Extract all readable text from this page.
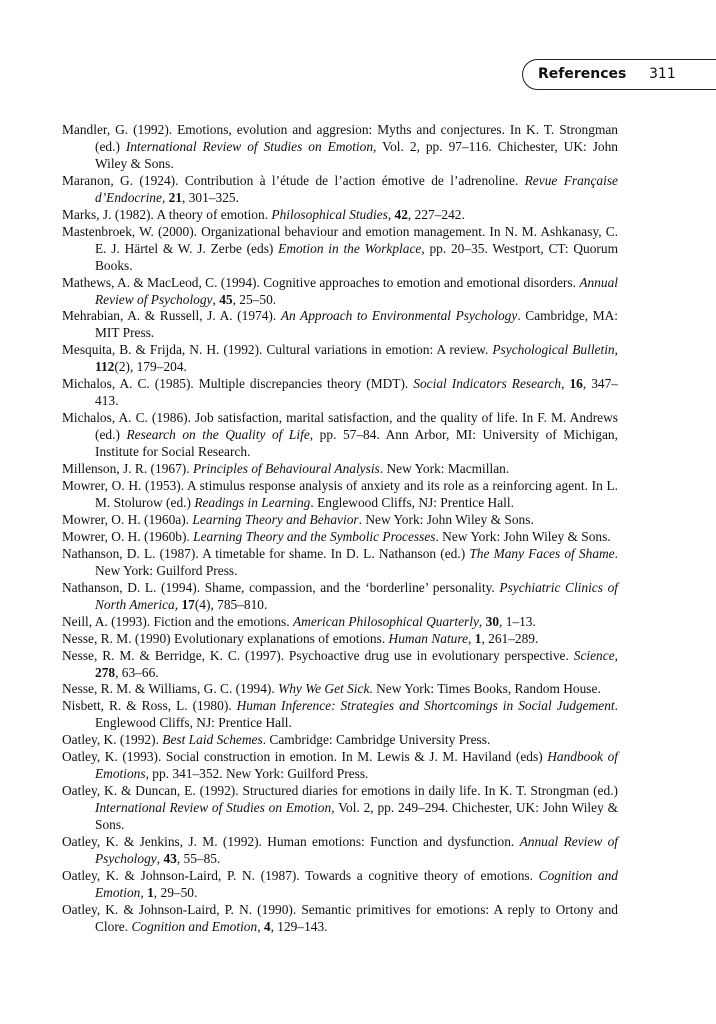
References 311

Mandler, G. (1992). Emotions, evolution and aggresion: Myths and conjectures. In K. T. Strongman (ed.) International Review of Studies on Emotion, Vol. 2, pp. 97–116. Chichester, UK: John Wiley & Sons.

Maranon, G. (1924). Contribution à l’étude de l’action émotive de l’adrenoline. Revue Française d’Endocrine, 21, 301–325.

Marks, J. (1982). A theory of emotion. Philosophical Studies, 42, 227–242.

Mastenbroek, W. (2000). Organizational behaviour and emotion management. In N. M. Ashkanasy, C. E. J. Härtel & W. J. Zerbe (eds) Emotion in the Workplace, pp. 20–35. Westport, CT: Quorum Books.

Mathews, A. & MacLeod, C. (1994). Cognitive approaches to emotion and emotional disorders. Annual Review of Psychology, 45, 25–50.

Mehrabian, A. & Russell, J. A. (1974). An Approach to Environmental Psychology. Cambridge, MA: MIT Press.

Mesquita, B. & Frijda, N. H. (1992). Cultural variations in emotion: A review. Psychological Bulletin, 112(2), 179–204.

Michalos, A. C. (1985). Multiple discrepancies theory (MDT). Social Indicators Research, 16, 347–413.

Michalos, A. C. (1986). Job satisfaction, marital satisfaction, and the quality of life. In F. M. Andrews (ed.) Research on the Quality of Life, pp. 57–84. Ann Arbor, MI: University of Michigan, Institute for Social Research.

Millenson, J. R. (1967). Principles of Behavioural Analysis. New York: Macmillan.

Mowrer, O. H. (1953). A stimulus response analysis of anxiety and its role as a reinforcing agent. In L. M. Stolurow (ed.) Readings in Learning. Englewood Cliffs, NJ: Prentice Hall.

Mowrer, O. H. (1960a). Learning Theory and Behavior. New York: John Wiley & Sons.

Mowrer, O. H. (1960b). Learning Theory and the Symbolic Processes. New York: John Wiley & Sons.

Nathanson, D. L. (1987). A timetable for shame. In D. L. Nathanson (ed.) The Many Faces of Shame. New York: Guilford Press.

Nathanson, D. L. (1994). Shame, compassion, and the ‘borderline’ personality. Psychiatric Clinics of North America, 17(4), 785–810.

Neill, A. (1993). Fiction and the emotions. American Philosophical Quarterly, 30, 1–13.

Nesse, R. M. (1990) Evolutionary explanations of emotions. Human Nature, 1, 261–289.

Nesse, R. M. & Berridge, K. C. (1997). Psychoactive drug use in evolutionary perspective. Science, 278, 63–66.

Nesse, R. M. & Williams, G. C. (1994). Why We Get Sick. New York: Times Books, Random House.

Nisbett, R. & Ross, L. (1980). Human Inference: Strategies and Shortcomings in Social Judgement. Englewood Cliffs, NJ: Prentice Hall.

Oatley, K. (1992). Best Laid Schemes. Cambridge: Cambridge University Press.

Oatley, K. (1993). Social construction in emotion. In M. Lewis & J. M. Haviland (eds) Handbook of Emotions, pp. 341–352. New York: Guilford Press.

Oatley, K. & Duncan, E. (1992). Structured diaries for emotions in daily life. In K. T. Strongman (ed.) International Review of Studies on Emotion, Vol. 2, pp. 249–294. Chichester, UK: John Wiley & Sons.

Oatley, K. & Jenkins, J. M. (1992). Human emotions: Function and dysfunction. Annual Review of Psychology, 43, 55–85.

Oatley, K. & Johnson-Laird, P. N. (1987). Towards a cognitive theory of emotions. Cognition and Emotion, 1, 29–50.

Oatley, K. & Johnson-Laird, P. N. (1990). Semantic primitives for emotions: A reply to Ortony and Clore. Cognition and Emotion, 4, 129–143.
